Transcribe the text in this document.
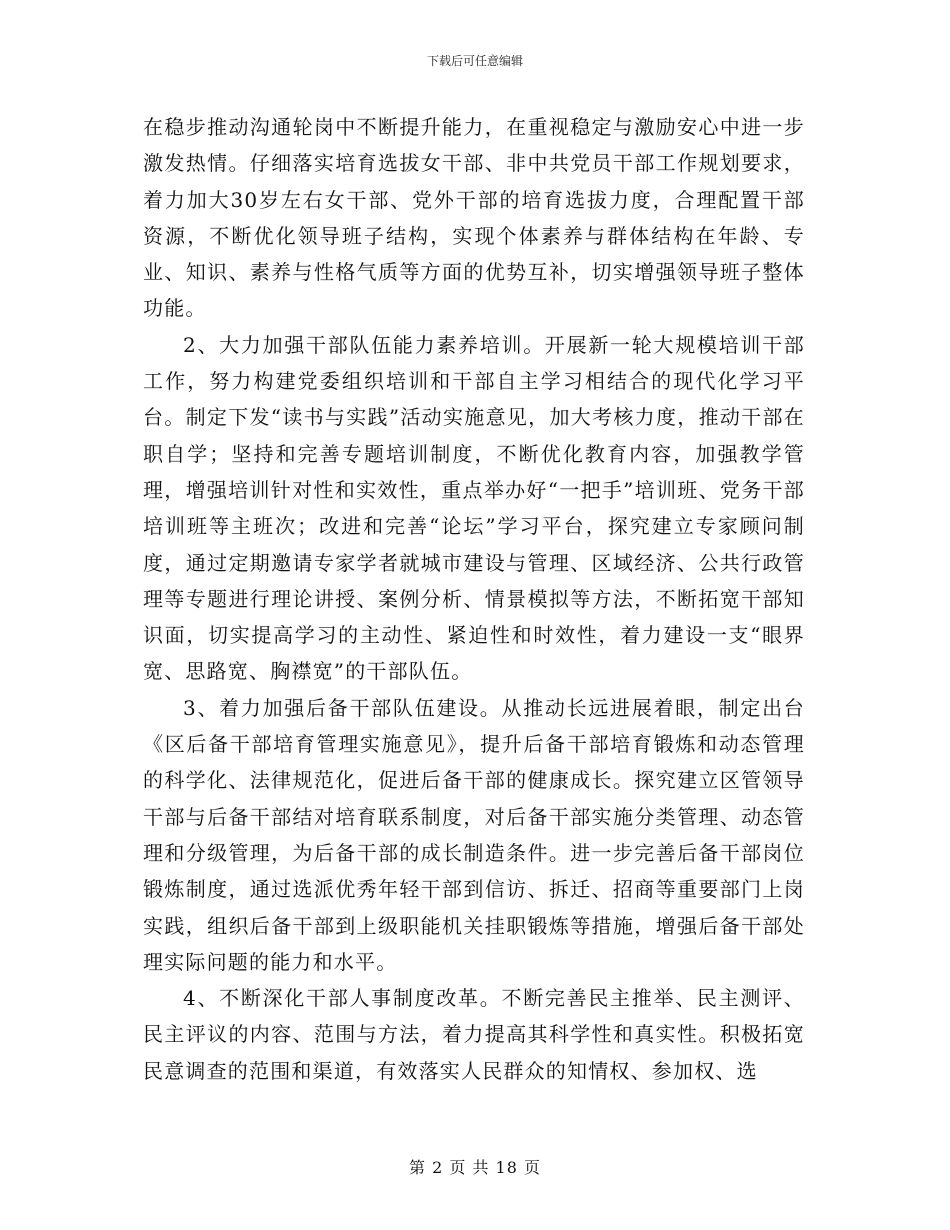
下载后可任意编辑

在稳步推动沟通轮岗中不断提升能力，在重视稳定与激励安心中进一步激发热情。仔细落实培育选拔女干部、非中共党员干部工作规划要求，着力加大30岁左右女干部、党外干部的培育选拔力度，合理配置干部资源，不断优化领导班子结构，实现个体素养与群体结构在年龄、专业、知识、素养与性格气质等方面的优势互补，切实增强领导班子整体功能。

2、大力加强干部队伍能力素养培训。开展新一轮大规模培训干部工作，努力构建党委组织培训和干部自主学习相结合的现代化学习平台。制定下发“读书与实践”活动实施意见，加大考核力度，推动干部在职自学；坚持和完善专题培训制度，不断优化教育内容，加强教学管理，增强培训针对性和实效性，重点举办好“一把手”培训班、党务干部培训班等主班次；改进和完善“论坛”学习平台，探究建立专家顾问制度，通过定期邀请专家学者就城市建设与管理、区域经济、公共行政管理等专题进行理论讲授、案例分析、情景模拟等方法，不断拓宽干部知识面，切实提高学习的主动性、紧迫性和时效性，着力建设一支“眼界宽、思路宽、胸襟宽”的干部队伍。

3、着力加强后备干部队伍建设。从推动长远进展着眼，制定出台《区后备干部培育管理实施意见》，提升后备干部培育锻炼和动态管理的科学化、法律规范化，促进后备干部的健康成长。探究建立区管领导干部与后备干部结对培育联系制度，对后备干部实施分类管理、动态管理和分级管理，为后备干部的成长制造条件。进一步完善后备干部岗位锻炼制度，通过选派优秀年轻干部到信访、拆迁、招商等重要部门上岗实践，组织后备干部到上级职能机关挂职锻炼等措施，增强后备干部处理实际问题的能力和水平。

4、不断深化干部人事制度改革。不断完善民主推举、民主测评、民主评议的内容、范围与方法，着力提高其科学性和真实性。积极拓宽民意调查的范围和渠道，有效落实人民群众的知情权、参加权、选

第 2 页 共 18 页
